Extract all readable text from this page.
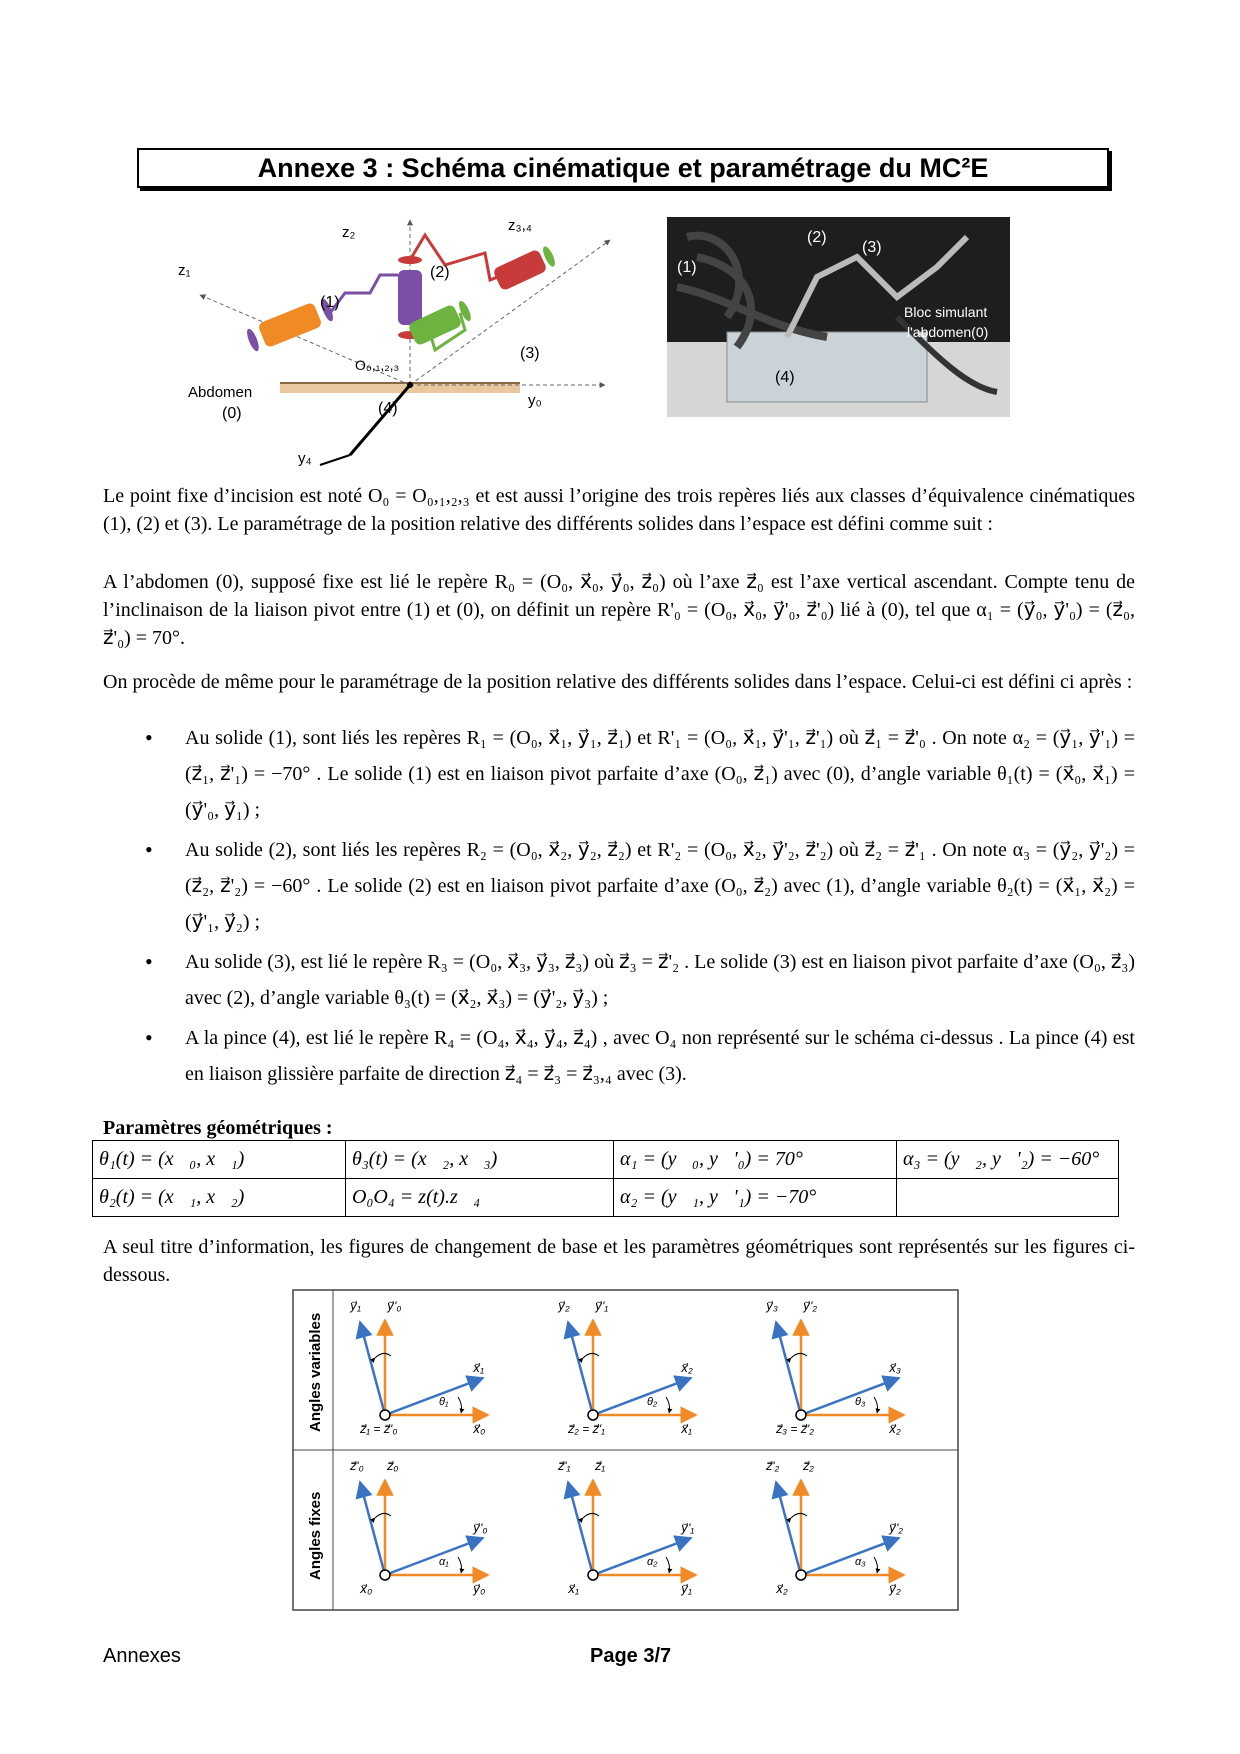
Annexe 3 : Schéma cinématique et paramétrage du MC²E
z₂	z₃,₄
z₁
y₀
y₄
(1)
(2)
(3)
(4)
O₀,₁,₂,₃
Abdomen
(0)
(1)
(2)
(3)
(4)
Bloc simulant
l'abdomen(0)
Le point fixe d’incision est noté O₀ = O₀,₁,₂,₃ et est aussi l’origine des trois repères liés aux classes d’équivalence cinématiques (1), (2) et (3). Le paramétrage de la position relative des différents solides dans l’espace est défini comme suit :
A l’abdomen (0), supposé fixe est lié le repère R₀ = (O₀, x⃗₀, y⃗₀, z⃗₀) où l’axe z⃗₀ est l’axe vertical ascendant. Compte tenu de l’inclinaison de la liaison pivot entre (1) et (0), on définit un repère R'₀ = (O₀, x⃗₀, y⃗'₀, z⃗'₀) lié à (0), tel que α₁ = (y⃗₀, y⃗'₀) = (z⃗₀, z⃗'₀) = 70°.
On procède de même pour le paramétrage de la position relative des différents solides dans l’espace. Celui-ci est défini ci après :
• Au solide (1), sont liés les repères R₁ = (O₀, x⃗₁, y⃗₁, z⃗₁) et R'₁ = (O₀, x⃗₁, y⃗'₁, z⃗'₁) où z⃗₁ = z⃗'₀ . On note α₂ = (y⃗₁, y⃗'₁) = (z⃗₁, z⃗'₁) = −70° . Le solide (1) est en liaison pivot parfaite d’axe (O₀, z⃗₁) avec (0), d’angle variable θ₁(t) = (x⃗₀, x⃗₁) = (y⃗'₀, y⃗₁) ;
• Au solide (2), sont liés les repères R₂ = (O₀, x⃗₂, y⃗₂, z⃗₂) et R'₂ = (O₀, x⃗₂, y⃗'₂, z⃗'₂) où z⃗₂ = z⃗'₁ . On note α₃ = (y⃗₂, y⃗'₂) = (z⃗₂, z⃗'₂) = −60° . Le solide (2) est en liaison pivot parfaite d’axe (O₀, z⃗₂) avec (1), d’angle variable θ₂(t) = (x⃗₁, x⃗₂) = (y⃗'₁, y⃗₂) ;
• Au solide (3), est lié le repère R₃ = (O₀, x⃗₃, y⃗₃, z⃗₃) où z⃗₃ = z⃗'₂ . Le solide (3) est en liaison pivot parfaite d’axe (O₀, z⃗₃) avec (2), d’angle variable θ₃(t) = (x⃗₂, x⃗₃) = (y⃗'₂, y⃗₃) ;
• A la pince (4), est lié le repère R₄ = (O₄, x⃗₄, y⃗₄, z⃗₄) , avec O₄ non représenté sur le schéma ci-dessus . La pince (4) est en liaison glissière parfaite de direction z⃗₄ = z⃗₃ = z⃗₃,₄ avec (3).
Paramètres géométriques :
θ₁(t) = (x⃗₀, x⃗₁)	θ₃(t) = (x⃗₂, x⃗₃)	α₁ = (y⃗₀, y⃗'₀) = 70°	α₃ = (y⃗₂, y⃗'₂) = −60°
θ₂(t) = (x⃗₁, x⃗₂)	O₀O₄ = z(t).z⃗₄	α₂ = (y⃗₁, y⃗'₁) = −70°	
A seul titre d’information, les figures de changement de base et les paramètres géométriques sont représentés sur les figures ci-dessous.
Angles variables
Angles fixes
y⃗₁ y⃗'₀
x⃗₁
x⃗₀
θ₁
z⃗₁ = z⃗'₀
y⃗₂ y⃗'₁
x⃗₂
x⃗₁
θ₂
z⃗₂ = z⃗'₁
y⃗₃ y⃗'₂
x⃗₃
x⃗₂
θ₃
z⃗₃ = z⃗'₂
z⃗'₀ z⃗₀
y⃗'₀
y⃗₀
α₁
x⃗₀
z⃗'₁ z⃗₁
y⃗'₁
y⃗₁
α₂
x⃗₁
z⃗'₂ z⃗₂
y⃗'₂
y⃗₂
α₃
x⃗₂
Annexes	Page 3/7
